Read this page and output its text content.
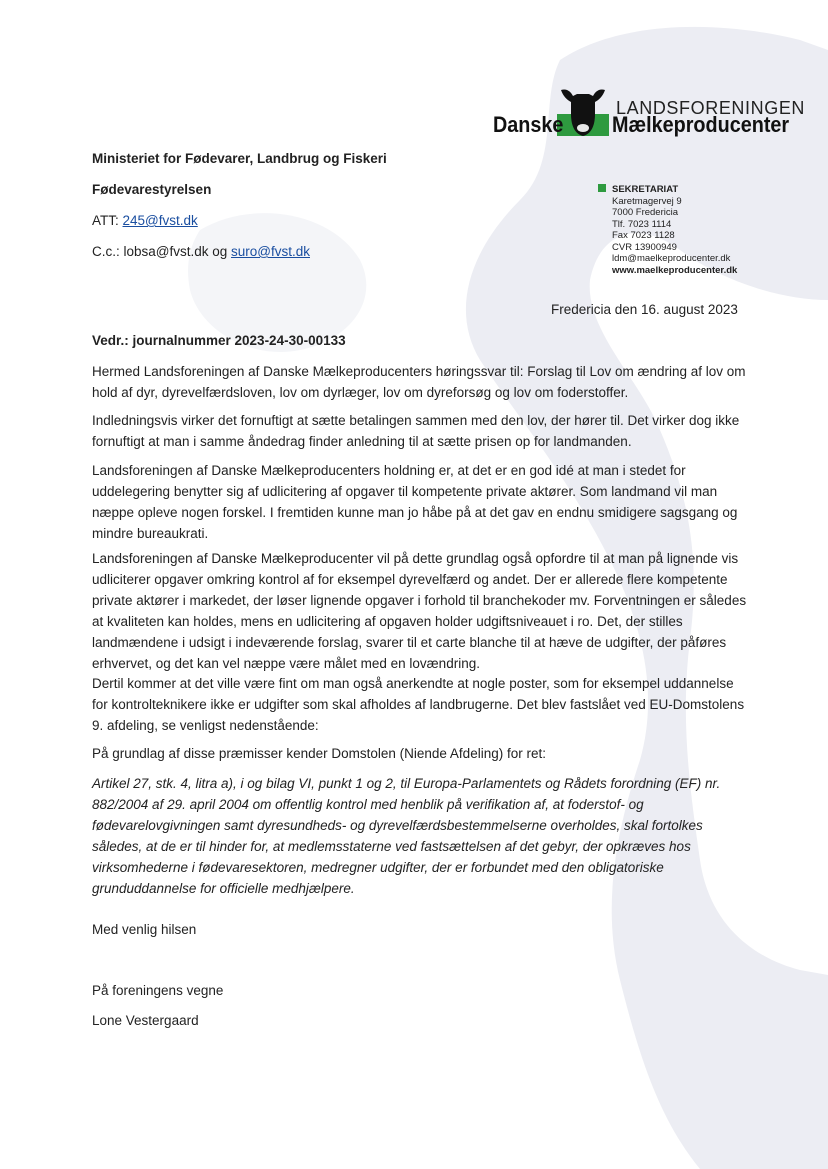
LANDSFORENINGEN
Danske Mælkeproducenter
SEKRETARIAT
Karetmagervej 9
7000 Fredericia
Tlf. 7023 1114
Fax 7023 1128
CVR 13900949
ldm@maelkeproducenter.dk
www.maelkeproducenter.dk
Ministeriet for Fødevarer, Landbrug og Fiskeri
Fødevarestyrelsen
ATT: 245@fvst.dk
C.c.: lobsa@fvst.dk og suro@fvst.dk
Fredericia den 16. august 2023
Vedr.: journalnummer 2023-24-30-00133

Hermed Landsforeningen af Danske Mælkeproducenters høringssvar til: Forslag til Lov om ændring af lov om hold af dyr, dyrevelfærdsloven, lov om dyrlæger, lov om dyreforsøg og lov om foderstoffer.

Indledningsvis virker det fornuftigt at sætte betalingen sammen med den lov, der hører til. Det virker dog ikke fornuftigt at man i samme åndedrag finder anledning til at sætte prisen op for landmanden.

Landsforeningen af Danske Mælkeproducenters holdning er, at det er en god idé at man i stedet for uddelegering benytter sig af udlicitering af opgaver til kompetente private aktører. Som landmand vil man næppe opleve nogen forskel. I fremtiden kunne man jo håbe på at det gav en endnu smidigere sagsgang og mindre bureaukrati.

Landsforeningen af Danske Mælkeproducenter vil på dette grundlag også opfordre til at man på lignende vis udliciterer opgaver omkring kontrol af for eksempel dyrevelfærd og andet. Der er allerede flere kompetente private aktører i markedet, der løser lignende opgaver i forhold til branchekoder mv. Forventningen er således at kvaliteten kan holdes, mens en udlicitering af opgaven holder udgiftsniveauet i ro. Det, der stilles landmændene i udsigt i indeværende forslag, svarer til et carte blanche til at hæve de udgifter, der påføres erhvervet, og det kan vel næppe være målet med en lovændring.

Dertil kommer at det ville være fint om man også anerkendte at nogle poster, som for eksempel uddannelse for kontrolteknikere ikke er udgifter som skal afholdes af landbrugerne. Det blev fastslået ved EU-Domstolens 9. afdeling, se venligst nedenstående:

På grundlag af disse præmisser kender Domstolen (Niende Afdeling) for ret:

Artikel 27, stk. 4, litra a), i og bilag VI, punkt 1 og 2, til Europa-Parlamentets og Rådets forordning (EF) nr. 882/2004 af 29. april 2004 om offentlig kontrol med henblik på verifikation af, at foderstof- og fødevarelovgivningen samt dyresundheds- og dyrevelfærdsbestemmelserne overholdes, skal fortolkes således, at de er til hinder for, at medlemsstaterne ved fastsættelsen af det gebyr, der opkræves hos virksomhederne i fødevaresektoren, medregner udgifter, der er forbundet med den obligatoriske grunduddannelse for officielle medhjælpere.

Med venlig hilsen
På foreningens vegne
Lone Vestergaard
